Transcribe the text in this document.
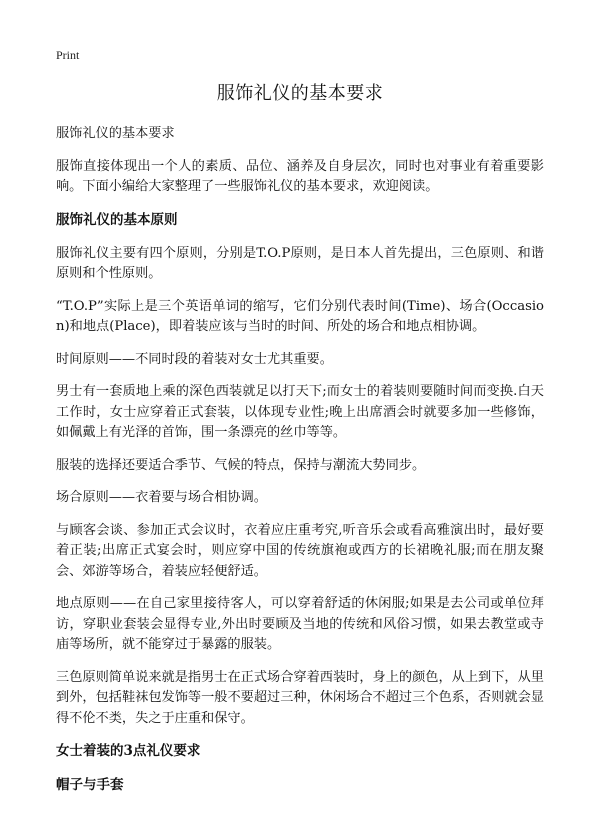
Print
服饰礼仪的基本要求

服饰礼仪的基本要求

服饰直接体现出一个人的素质、品位、涵养及自身层次，同时也对事业有着重要影响。下面小编给大家整理了一些服饰礼仪的基本要求，欢迎阅读。

服饰礼仪的基本原则

服饰礼仪主要有四个原则，分别是T.O.P原则，是日本人首先提出，三色原则、和谐原则和个性原则。

“T.O.P”实际上是三个英语单词的缩写，它们分别代表时间(Time)、场合(Occasion)和地点(Place)，即着装应该与当时的时间、所处的场合和地点相协调。

时间原则——不同时段的着装对女士尤其重要。

男士有一套质地上乘的深色西装就足以打天下;而女士的着装则要随时间而变换.白天工作时，女士应穿着正式套装，以体现专业性;晚上出席酒会时就要多加一些修饰，如佩戴上有光泽的首饰，围一条漂亮的丝巾等等。

服装的选择还要适合季节、气候的特点，保持与潮流大势同步。

场合原则——衣着要与场合相协调。

与顾客会谈、参加正式会议时，衣着应庄重考究,听音乐会或看高雅演出时，最好要着正装;出席正式宴会时，则应穿中国的传统旗袍或西方的长裙晚礼服;而在朋友聚会、郊游等场合，着装应轻便舒适。

地点原则——在自己家里接待客人，可以穿着舒适的休闲服;如果是去公司或单位拜访，穿职业套装会显得专业,外出时要顾及当地的传统和风俗习惯，如果去教堂或寺庙等场所，就不能穿过于暴露的服装。

三色原则简单说来就是指男士在正式场合穿着西装时，身上的颜色，从上到下，从里到外，包括鞋袜包发饰等一般不要超过三种，休闲场合不超过三个色系，否则就会显得不伦不类，失之于庄重和保守。

女士着装的3点礼仪要求
帽子与手套
